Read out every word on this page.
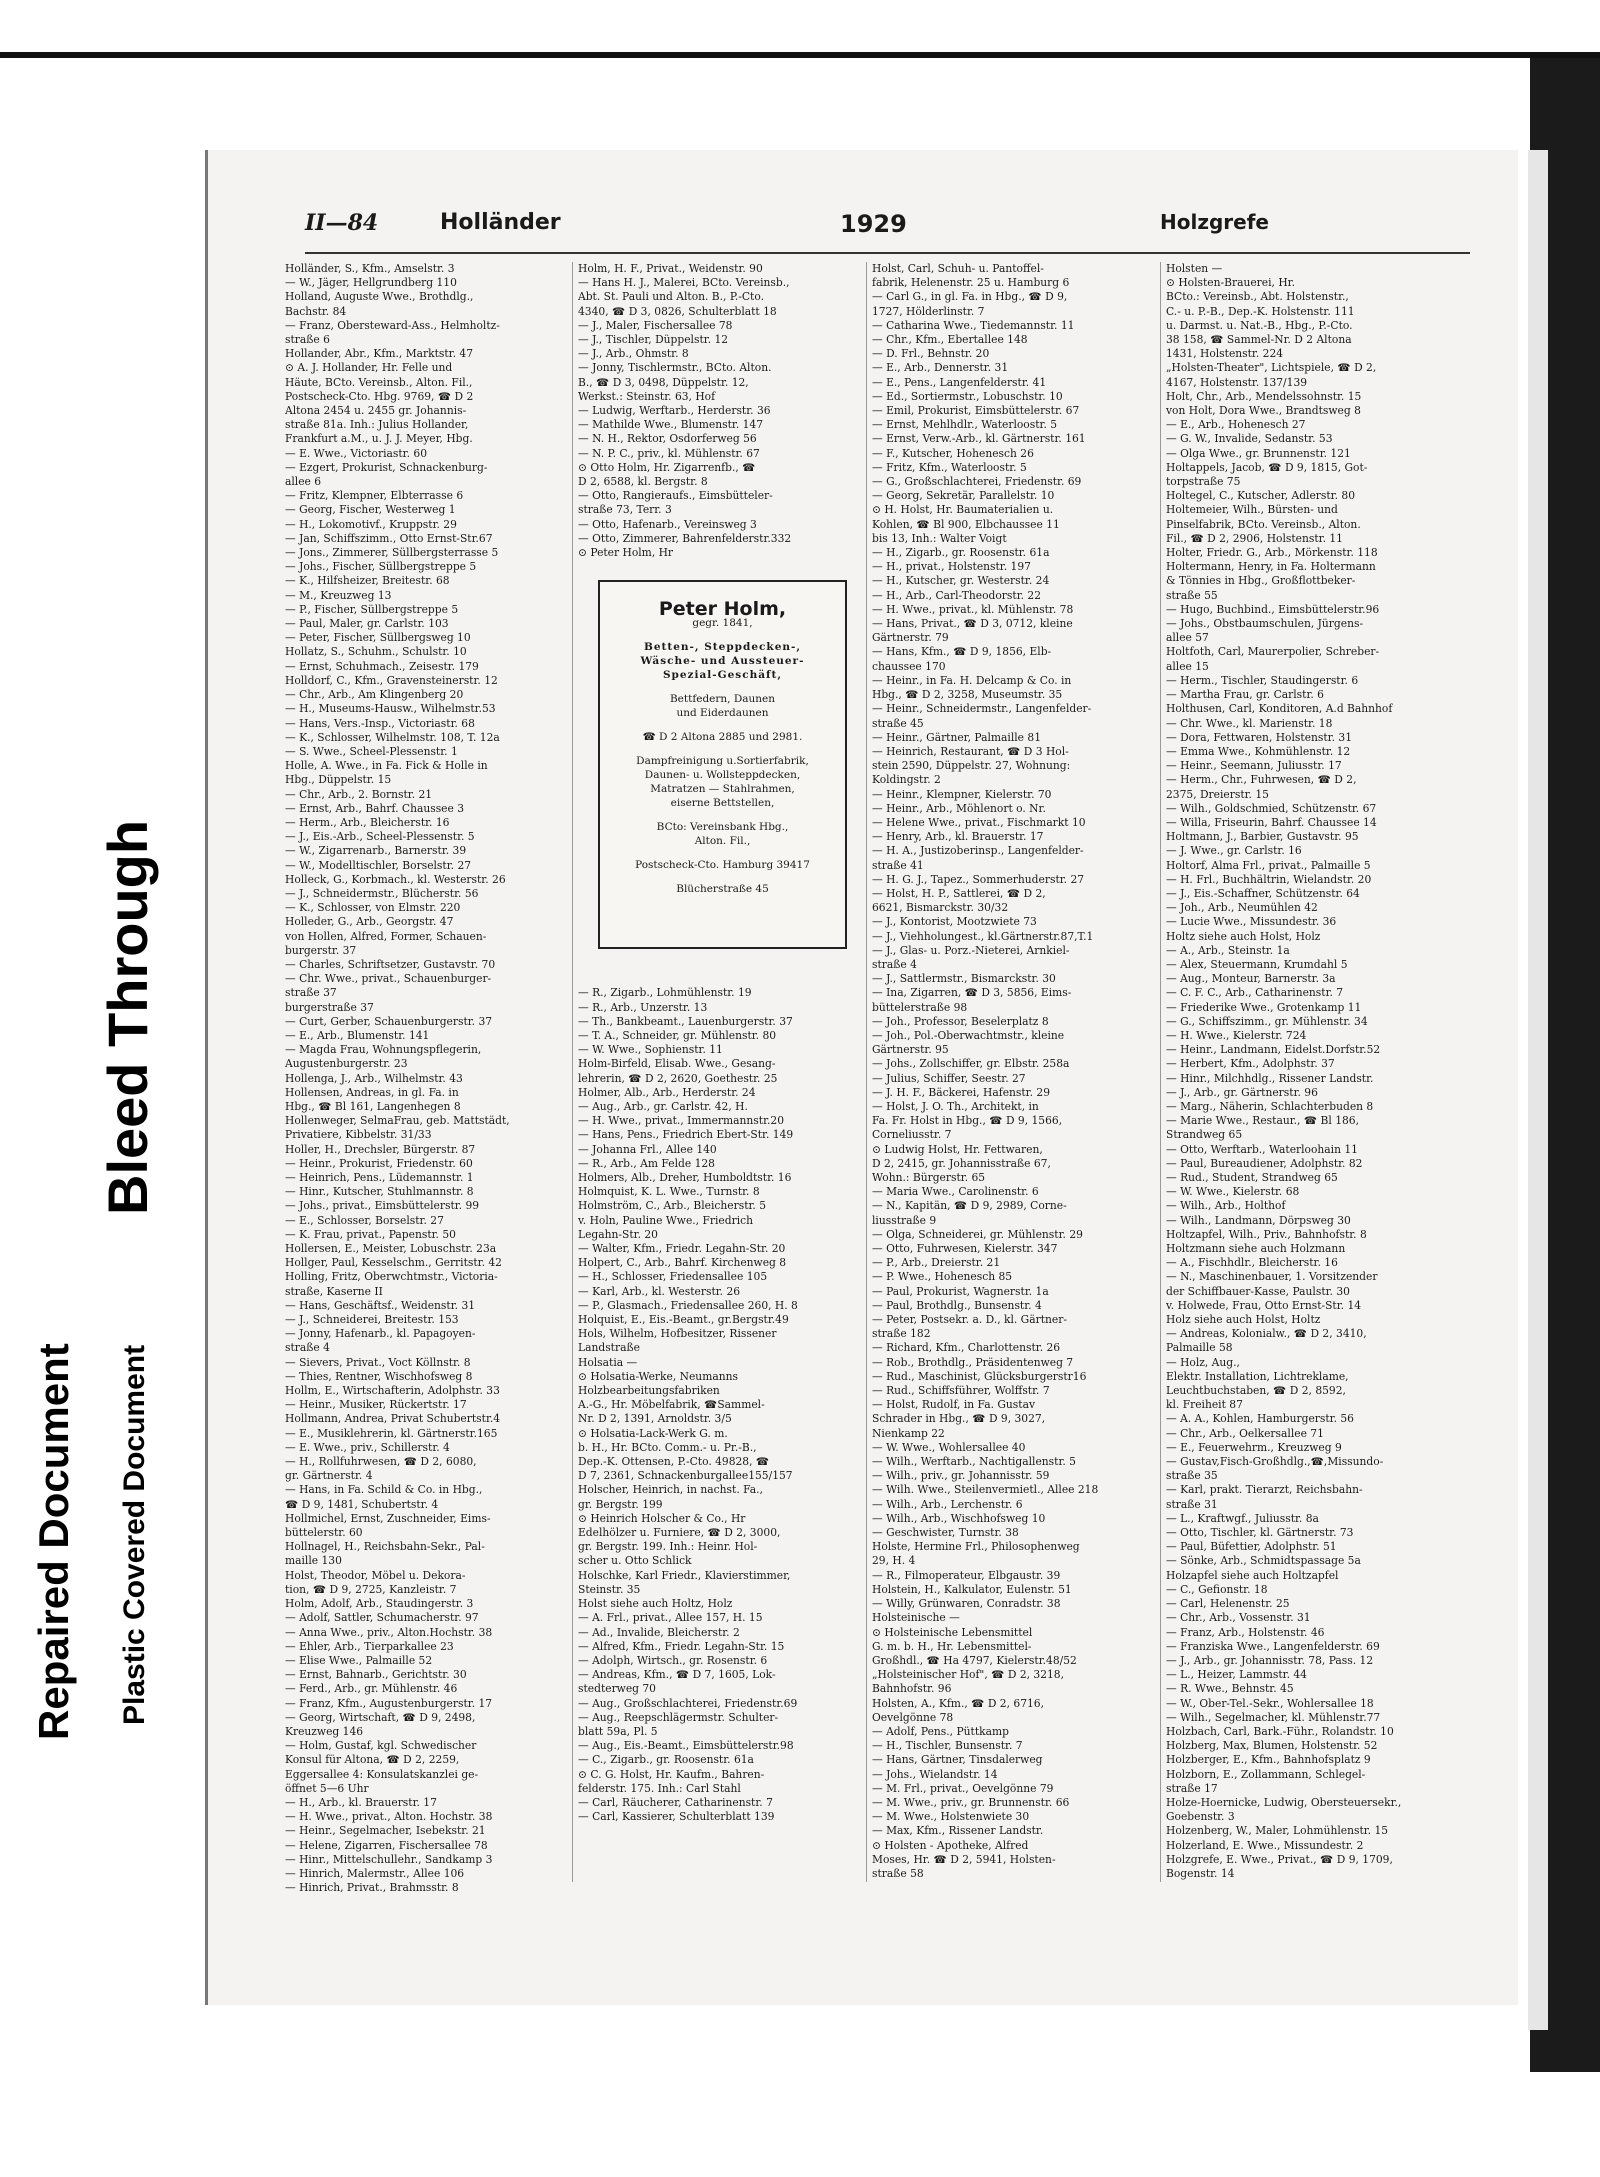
Repaired Document Plastic Covered Document
Bleed Through
II—84	Holländer	1929	Holzgrefe
Holländer, S., Kfm., Amselstr. 3
— W., Jäger, Hellgrundberg 110
Holland, Auguste Wwe., Brothdlg.,
Bachstr. 84
— Franz, Obersteward-Ass., Helmholtz-
straße 6
Hollander, Abr., Kfm., Marktstr. 47
⊙ A. J. Hollander, Hr. Felle und
Häute, BCto. Vereinsb., Alton. Fil.,
Postscheck-Cto. Hbg. 9769, ☎ D 2
Altona 2454 u. 2455 gr. Johannis-
straße 81a. Inh.: Julius Hollander,
Frankfurt a.M., u. J. J. Meyer, Hbg.
— E. Wwe., Victoriastr. 60
— Ezgert, Prokurist, Schnackenburg-
allee 6
— Fritz, Klempner, Elbterrasse 6
— Georg, Fischer, Westerweg 1
— H., Lokomotivf., Kruppstr. 29
— Jan, Schiffszimm., Otto Ernst-Str.67
— Jons., Zimmerer, Süllbergsterrasse 5
— Johs., Fischer, Süllbergstreppe 5
— K., Hilfsheizer, Breitestr. 68
— M., Kreuzweg 13
— P., Fischer, Süllbergstreppe 5
— Paul, Maler, gr. Carlstr. 103
— Peter, Fischer, Süllbergsweg 10
Hollatz, S., Schuhm., Schulstr. 10
— Ernst, Schuhmach., Zeisestr. 179
Holldorf, C., Kfm., Gravensteinerstr. 12
— Chr., Arb., Am Klingenberg 20
— H., Museums-Hausw., Wilhelmstr.53
— Hans, Vers.-Insp., Victoriastr. 68
— K., Schlosser, Wilhelmstr. 108, T. 12a
— S. Wwe., Scheel-Plessenstr. 1
Holle, A. Wwe., in Fa. Fick & Holle in
Hbg., Düppelstr. 15
— Chr., Arb., 2. Bornstr. 21
— Ernst, Arb., Bahrf. Chaussee 3
— Herm., Arb., Bleicherstr. 16
— J., Eis.-Arb., Scheel-Plessenstr. 5
— W., Zigarrenarb., Barnerstr. 39
— W., Modelltischler, Borselstr. 27
Holleck, G., Korbmach., kl. Westerstr. 26
— J., Schneidermstr., Blücherstr. 56
— K., Schlosser, von Elmstr. 220
Holleder, G., Arb., Georgstr. 47
von Hollen, Alfred, Former, Schauen-
burgerstr. 37
— Charles, Schriftsetzer, Gustavstr. 70
— Chr. Wwe., privat., Schauenburger-
straße 37
burgerstraße 37
— Curt, Gerber, Schauenburgerstr. 37
— E., Arb., Blumenstr. 141
— Magda Frau, Wohnungspflegerin,
Augustenburgerstr. 23
Hollenga, J., Arb., Wilhelmstr. 43
Hollensen, Andreas, in gl. Fa. in
Hbg., ☎ Bl 161, Langenhegen 8
Hollenweger, SelmaFrau, geb. Mattstädt,
Privatiere, Kibbelstr. 31/33
Holler, H., Drechsler, Bürgerstr. 87
— Heinr., Prokurist, Friedenstr. 60
— Heinrich, Pens., Lüdemannstr. 1
— Hinr., Kutscher, Stuhlmannstr. 8
— Johs., privat., Eimsbüttelerstr. 99
— E., Schlosser, Borselstr. 27
— K. Frau, privat., Papenstr. 50
Hollersen, E., Meister, Lobuschstr. 23a
Hollger, Paul, Kesselschm., Gerritstr. 42
Holling, Fritz, Oberwchtmstr., Victoria-
straße, Kaserne II
— Hans, Geschäftsf., Weidenstr. 31
— J., Schneiderei, Breitestr. 153
— Jonny, Hafenarb., kl. Papagoyen-
straße 4
— Sievers, Privat., Voct Köllnstr. 8
— Thies, Rentner, Wischhofsweg 8
Hollm, E., Wirtschafterin, Adolphstr. 33
— Heinr., Musiker, Rückertstr. 17
Hollmann, Andrea, Privat Schubertstr.4
— E., Musiklehrerin, kl. Gärtnerstr.165
— E. Wwe., priv., Schillerstr. 4
— H., Rollfuhrwesen, ☎ D 2, 6080,
gr. Gärtnerstr. 4
— Hans, in Fa. Schild & Co. in Hbg.,
☎ D 9, 1481, Schubertstr. 4
Hollmichel, Ernst, Zuschneider, Eims-
büttelerstr. 60
Hollnagel, H., Reichsbahn-Sekr., Pal-
maille 130
Holst, Theodor, Möbel u. Dekora-
tion, ☎ D 9, 2725, Kanzleistr. 7
Holm, Adolf, Arb., Staudingerstr. 3
— Adolf, Sattler, Schumacherstr. 97
— Anna Wwe., priv., Alton.Hochstr. 38
— Ehler, Arb., Tierparkallee 23
— Elise Wwe., Palmaille 52
— Ernst, Bahnarb., Gerichtstr. 30
— Ferd., Arb., gr. Mühlenstr. 46
— Franz, Kfm., Augustenburgerstr. 17
— Georg, Wirtschaft, ☎ D 9, 2498,
Kreuzweg 146
— Holm, Gustaf, kgl. Schwedischer
Konsul für Altona, ☎ D 2, 2259,
Eggersallee 4: Konsulatskanzlei ge-
öffnet 5—6 Uhr
— H., Arb., kl. Brauerstr. 17
— H. Wwe., privat., Alton. Hochstr. 38
— Heinr., Segelmacher, Isebekstr. 21
— Helene, Zigarren, Fischersallee 78
— Hinr., Mittelschullehr., Sandkamp 3
— Hinrich, Malermstr., Allee 106
— Hinrich, Privat., Brahmsstr. 8
Holm, H. F., Privat., Weidenstr. 90
— Hans H. J., Malerei, BCto. Vereinsb.,
Abt. St. Pauli und Alton. B., P.-Cto.
4340, ☎ D 3, 0826, Schulterblatt 18
— J., Maler, Fischersallee 78
— J., Tischler, Düppelstr. 12
— J., Arb., Ohmstr. 8
— Jonny, Tischlermstr., BCto. Alton.
B., ☎ D 3, 0498, Düppelstr. 12,
Werkst.: Steinstr. 63, Hof
— Ludwig, Werftarb., Herderstr. 36
— Mathilde Wwe., Blumenstr. 147
— N. H., Rektor, Osdorferweg 56
— N. P. C., priv., kl. Mühlenstr. 67
⊙ Otto Holm, Hr. Zigarrenfb., ☎
D 2, 6588, kl. Bergstr. 8
— Otto, Rangieraufs., Eimsbütteler-
straße 73, Terr. 3
— Otto, Hafenarb., Vereinsweg 3
— Otto, Zimmerer, Bahrenfelderstr.332
⊙ Peter Holm, Hr

— R., Zigarb., Lohmühlenstr. 19
— R., Arb., Unzerstr. 13
— Th., Bankbeamt., Lauenburgerstr. 37
— T. A., Schneider, gr. Mühlenstr. 80
— W. Wwe., Sophienstr. 11
Holm-Birfeld, Elisab. Wwe., Gesang-
lehrerin, ☎ D 2, 2620, Goethestr. 25
Holmer, Alb., Arb., Herderstr. 24
— Aug., Arb., gr. Carlstr. 42, H.
— H. Wwe., privat., Immermannstr.20
— Hans, Pens., Friedrich Ebert-Str. 149
— Johanna Frl., Allee 140
— R., Arb., Am Felde 128
Holmers, Alb., Dreher, Humboldtstr. 16
Holmquist, K. L. Wwe., Turnstr. 8
Holmström, C., Arb., Bleicherstr. 5
v. Holn, Pauline Wwe., Friedrich
Legahn-Str. 20
— Walter, Kfm., Friedr. Legahn-Str. 20
Holpert, C., Arb., Bahrf. Kirchenweg 8
— H., Schlosser, Friedensallee 105
— Karl, Arb., kl. Westerstr. 26
— P., Glasmach., Friedensallee 260, H. 8
Holquist, E., Eis.-Beamt., gr.Bergstr.49
Hols, Wilhelm, Hofbesitzer, Rissener
Landstraße
Holsatia —
⊙ Holsatia-Werke, Neumanns
Holzbearbeitungsfabriken
A.-G., Hr. Möbelfabrik, ☎Sammel-
Nr. D 2, 1391, Arnoldstr. 3/5
⊙ Holsatia-Lack-Werk G. m.
b. H., Hr. BCto. Comm.- u. Pr.-B.,
Dep.-K. Ottensen, P.-Cto. 49828, ☎
D 7, 2361, Schnackenburgallee155/157
Holscher, Heinrich, in nachst. Fa.,
gr. Bergstr. 199
⊙ Heinrich Holscher & Co., Hr
Edelhölzer u. Furniere, ☎ D 2, 3000,
gr. Bergstr. 199. Inh.: Heinr. Hol-
scher u. Otto Schlick
Holschke, Karl Friedr., Klavierstimmer,
Steinstr. 35
Holst siehe auch Holtz, Holz
— A. Frl., privat., Allee 157, H. 15
— Ad., Invalide, Bleicherstr. 2
— Alfred, Kfm., Friedr. Legahn-Str. 15
— Adolph, Wirtsch., gr. Rosenstr. 6
— Andreas, Kfm., ☎ D 7, 1605, Lok-
stedterweg 70
— Aug., Großschlachterei, Friedenstr.69
— Aug., Reepschlägermstr. Schulter-
blatt 59a, Pl. 5
— Aug., Eis.-Beamt., Eimsbüttelerstr.98
— C., Zigarb., gr. Roosenstr. 61a
⊙ C. G. Holst, Hr. Kaufm., Bahren-
felderstr. 175. Inh.: Carl Stahl
— Carl, Räucherer, Catharinenstr. 7
— Carl, Kassierer, Schulterblatt 139
Holst, Carl, Schuh- u. Pantoffel-
fabrik, Helenenstr. 25 u. Hamburg 6
— Carl G., in gl. Fa. in Hbg., ☎ D 9,
1727, Hölderlinstr. 7
— Catharina Wwe., Tiedemannstr. 11
— Chr., Kfm., Ebertallee 148
— D. Frl., Behnstr. 20
— E., Arb., Dennerstr. 31
— E., Pens., Langenfelderstr. 41
— Ed., Sortiermstr., Lobuschstr. 10
— Emil, Prokurist, Eimsbüttelerstr. 67
— Ernst, Mehlhdlr., Waterloostr. 5
— Ernst, Verw.-Arb., kl. Gärtnerstr. 161
— F., Kutscher, Hohenesch 26
— Fritz, Kfm., Waterloostr. 5
— G., Großschlachterei, Friedenstr. 69
— Georg, Sekretär, Parallelstr. 10
⊙ H. Holst, Hr. Baumaterialien u.
Kohlen, ☎ Bl 900, Elbchaussee 11
bis 13, Inh.: Walter Voigt
— H., Zigarb., gr. Roosenstr. 61a
— H., privat., Holstenstr. 197
— H., Kutscher, gr. Westerstr. 24
— H., Arb., Carl-Theodorstr. 22
— H. Wwe., privat., kl. Mühlenstr. 78
— Hans, Privat., ☎ D 3, 0712, kleine
Gärtnerstr. 79
— Hans, Kfm., ☎ D 9, 1856, Elb-
chaussee 170
— Heinr., in Fa. H. Delcamp & Co. in
Hbg., ☎ D 2, 3258, Museumstr. 35
— Heinr., Schneidermstr., Langenfelder-
straße 45
— Heinr., Gärtner, Palmaille 81
— Heinrich, Restaurant, ☎ D 3 Hol-
stein 2590, Düppelstr. 27, Wohnung:
Koldingstr. 2
— Heinr., Klempner, Kielerstr. 70
— Heinr., Arb., Möhlenort o. Nr.
— Helene Wwe., privat., Fischmarkt 10
— Henry, Arb., kl. Brauerstr. 17
— H. A., Justizoberinsp., Langenfelder-
straße 41
— H. G. J., Tapez., Sommerhuderstr. 27
— Holst, H. P., Sattlerei, ☎ D 2,
6621, Bismarckstr. 30/32
— J., Kontorist, Mootzwiete 73
— J., Viehholungest., kl.Gärtnerstr.87,T.1
— J., Glas- u. Porz.-Nieterei, Arnkiel-
straße 4
— J., Sattlermstr., Bismarckstr. 30
— Ina, Zigarren, ☎ D 3, 5856, Eims-
büttelerstraße 98
— Joh., Professor, Beselerplatz 8
— Joh., Pol.-Oberwachtmstr., kleine
Gärtnerstr. 95
— Johs., Zollschiffer, gr. Elbstr. 258a
— Julius, Schiffer, Seestr. 27
— J. H. F., Bäckerei, Hafenstr. 29
— Holst, J. O. Th., Architekt, in
Fa. Fr. Holst in Hbg., ☎ D 9, 1566,
Corneliusstr. 7
⊙ Ludwig Holst, Hr. Fettwaren,
D 2, 2415, gr. Johannisstraße 67,
Wohn.: Bürgerstr. 65
— Maria Wwe., Carolinenstr. 6
— N., Kapitän, ☎ D 9, 2989, Corne-
liusstraße 9
— Olga, Schneiderei, gr. Mühlenstr. 29
— Otto, Fuhrwesen, Kielerstr. 347
— P., Arb., Dreierstr. 21
— P. Wwe., Hohenesch 85
— Paul, Prokurist, Wagnerstr. 1a
— Paul, Brothdlg., Bunsenstr. 4
— Peter, Postsekr. a. D., kl. Gärtner-
straße 182
— Richard, Kfm., Charlottenstr. 26
— Rob., Brothdlg., Präsidentenweg 7
— Rud., Maschinist, Glücksburgerstr16
— Rud., Schiffsführer, Wolffstr. 7
— Holst, Rudolf, in Fa. Gustav
Schrader in Hbg., ☎ D 9, 3027,
Nienkamp 22
— W. Wwe., Wohlersallee 40
— Wilh., Werftarb., Nachtigallenstr. 5
— Wilh., priv., gr. Johannisstr. 59
— Wilh. Wwe., Steilenvermietl., Allee 218
— Wilh., Arb., Lerchenstr. 6
— Wilh., Arb., Wischhofsweg 10
— Geschwister, Turnstr. 38
Holste, Hermine Frl., Philosophenweg
29, H. 4
— R., Filmoperateur, Elbgaustr. 39
Holstein, H., Kalkulator, Eulenstr. 51
— Willy, Grünwaren, Conradstr. 38
Holsteinische —
⊙ Holsteinische Lebensmittel
G. m. b. H., Hr. Lebensmittel-
Großhdl., ☎ Ha 4797, Kielerstr.48/52
„Holsteinischer Hof", ☎ D 2, 3218,
Bahnhofstr. 96
Holsten, A., Kfm., ☎ D 2, 6716,
Oevelgönne 78
— Adolf, Pens., Püttkamp
— H., Tischler, Bunsenstr. 7
— Hans, Gärtner, Tinsdalerweg
— Johs., Wielandstr. 14
— M. Frl., privat., Oevelgönne 79
— M. Wwe., priv., gr. Brunnenstr. 66
— M. Wwe., Holstenwiete 30
— Max, Kfm., Rissener Landstr.
⊙ Holsten - Apotheke, Alfred
Moses, Hr. ☎ D 2, 5941, Holsten-
straße 58
Holsten —
⊙ Holsten-Brauerei, Hr.
BCto.: Vereinsb., Abt. Holstenstr.,
C.- u. P.-B., Dep.-K. Holstenstr. 111
u. Darmst. u. Nat.-B., Hbg., P.-Cto.
38 158, ☎ Sammel-Nr. D 2 Altona
1431, Holstenstr. 224
„Holsten-Theater", Lichtspiele, ☎ D 2,
4167, Holstenstr. 137/139
Holt, Chr., Arb., Mendelssohnstr. 15
von Holt, Dora Wwe., Brandtsweg 8
— E., Arb., Hohenesch 27
— G. W., Invalide, Sedanstr. 53
— Olga Wwe., gr. Brunnenstr. 121
Holtappels, Jacob, ☎ D 9, 1815, Got-
torpstraße 75
Holtegel, C., Kutscher, Adlerstr. 80
Holtemeier, Wilh., Bürsten- und
Pinselfabrik, BCto. Vereinsb., Alton.
Fil., ☎ D 2, 2906, Holstenstr. 11
Holter, Friedr. G., Arb., Mörkenstr. 118
Holtermann, Henry, in Fa. Holtermann
& Tönnies in Hbg., Großflottbeker-
straße 55
— Hugo, Buchbind., Eimsbüttelerstr.96
— Johs., Obstbaumschulen, Jürgens-
allee 57
Holtfoth, Carl, Maurerpolier, Schreber-
allee 15
— Herm., Tischler, Staudingerstr. 6
— Martha Frau, gr. Carlstr. 6
Holthusen, Carl, Konditoren, A.d Bahnhof
— Chr. Wwe., kl. Marienstr. 18
— Dora, Fettwaren, Holstenstr. 31
— Emma Wwe., Kohmühlenstr. 12
— Heinr., Seemann, Juliusstr. 17
— Herm., Chr., Fuhrwesen, ☎ D 2,
2375, Dreierstr. 15
— Wilh., Goldschmied, Schützenstr. 67
— Willa, Friseurin, Bahrf. Chaussee 14
Holtmann, J., Barbier, Gustavstr. 95
— J. Wwe., gr. Carlstr. 16
Holtorf, Alma Frl., privat., Palmaille 5
— H. Frl., Buchhältrin, Wielandstr. 20
— J., Eis.-Schaffner, Schützenstr. 64
— Joh., Arb., Neumühlen 42
— Lucie Wwe., Missundestr. 36
Holtz siehe auch Holst, Holz
— A., Arb., Steinstr. 1a
— Alex, Steuermann, Krumdahl 5
— Aug., Monteur, Barnerstr. 3a
— C. F. C., Arb., Catharinenstr. 7
— Friederike Wwe., Grotenkamp 11
— G., Schiffszimm., gr. Mühlenstr. 34
— H. Wwe., Kielerstr. 724
— Heinr., Landmann, Eidelst.Dorfstr.52
— Herbert, Kfm., Adolphstr. 37
— Hinr., Milchhdlg., Rissener Landstr.
— J., Arb., gr. Gärtnerstr. 96
— Marg., Näherin, Schlachterbuden 8
— Marie Wwe., Restaur., ☎ Bl 186,
Strandweg 65
— Otto, Werftarb., Waterloohain 11
— Paul, Bureaudiener, Adolphstr. 82
— Rud., Student, Strandweg 65
— W. Wwe., Kielerstr. 68
— Wilh., Arb., Holthof
— Wilh., Landmann, Dörpsweg 30
Holtzapfel, Wilh., Priv., Bahnhofstr. 8
Holtzmann siehe auch Holzmann
— A., Fischhdlr., Bleicherstr. 16
— N., Maschinenbauer, 1. Vorsitzender
der Schiffbauer-Kasse, Paulstr. 30
v. Holwede, Frau, Otto Ernst-Str. 14
Holz siehe auch Holst, Holtz
— Andreas, Kolonialw., ☎ D 2, 3410,
Palmaille 58
— Holz, Aug.,
Elektr. Installation, Lichtreklame,
Leuchtbuchstaben, ☎ D 2, 8592,
kl. Freiheit 87
— A. A., Kohlen, Hamburgerstr. 56
— Chr., Arb., Oelkersallee 71
— E., Feuerwehrm., Kreuzweg 9
— Gustav,Fisch-Großhdlg.,☎,Missundo-
straße 35
— Karl, prakt. Tierarzt, Reichsbahn-
straße 31
— L., Kraftwgf., Juliusstr. 8a
— Otto, Tischler, kl. Gärtnerstr. 73
— Paul, Büfettier, Adolphstr. 51
— Sönke, Arb., Schmidtspassage 5a
Holzapfel siehe auch Holtzapfel
— C., Gefionstr. 18
— Carl, Helenenstr. 25
— Chr., Arb., Vossenstr. 31
— Franz, Arb., Holstenstr. 46
— Franziska Wwe., Langenfelderstr. 69
— J., Arb., gr. Johannisstr. 78, Pass. 12
— L., Heizer, Lammstr. 44
— R. Wwe., Behnstr. 45
— W., Ober-Tel.-Sekr., Wohlersallee 18
— Wilh., Segelmacher, kl. Mühlenstr.77
Holzbach, Carl, Bark.-Führ., Rolandstr. 10
Holzberg, Max, Blumen, Holstenstr. 52
Holzberger, E., Kfm., Bahnhofsplatz 9
Holzborn, E., Zollammann, Schlegel-
straße 17
Holze-Hoernicke, Ludwig, Obersteuersekr.,
Goebenstr. 3
Holzenberg, W., Maler, Lohmühlenstr. 15
Holzerland, E. Wwe., Missundestr. 2
Holzgrefe, E. Wwe., Privat., ☎ D 9, 1709,
Bogenstr. 14
Peter Holm,
gegr. 1841,
Betten-, Steppdecken-,
Wäsche- und Aussteuer-
Spezial-Geschäft,
Bettfedern, Daunen
und Eiderdaunen
☎ D 2 Altona 2885 und 2981.
Dampfreinigung u.Sortierfabrik,
Daunen- u. Wollsteppdecken,
Matratzen — Stahlrahmen,
eiserne Bettstellen,
BCto: Vereinsbank Hbg.,
Alton. Fil.,
Postscheck-Cto. Hamburg 39417
Blücherstraße 45
